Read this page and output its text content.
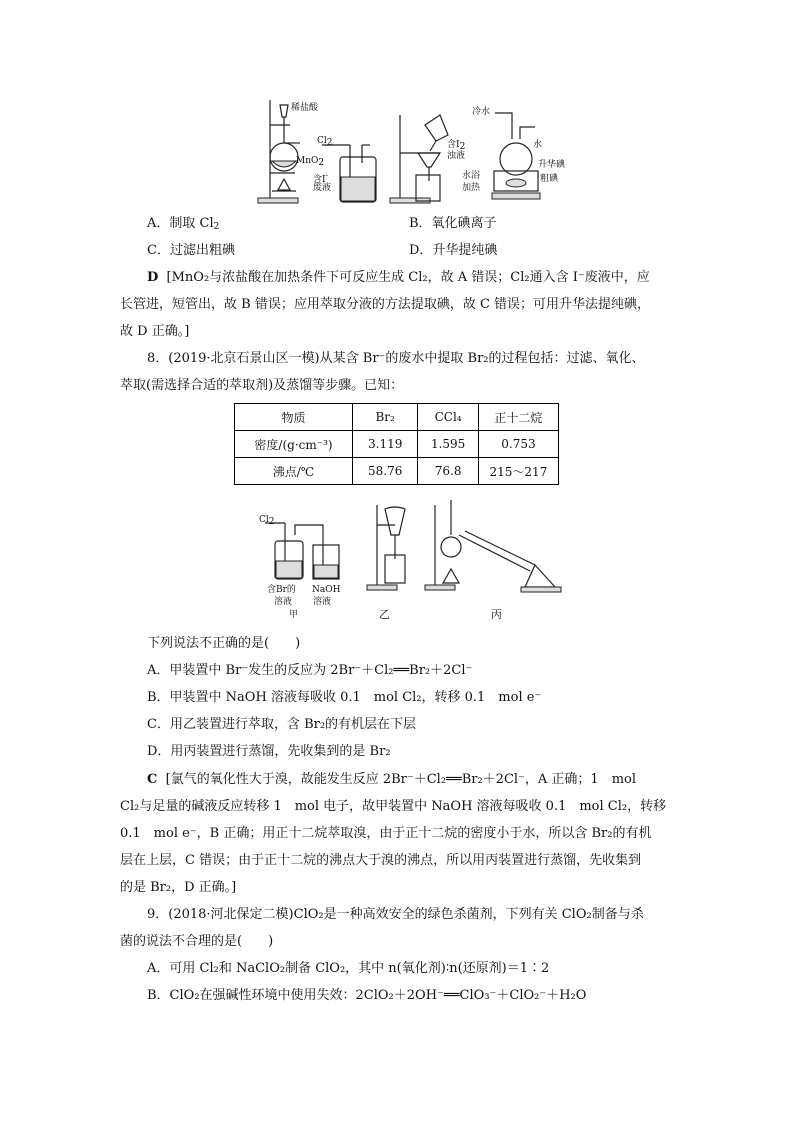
稀盐酸
$Cl_2$
MnO$_2$
含I-
废液
含$I_2$
浊液
冷水
水
升华碘
水浴
加热
粗碘
A．制取 $Cl_2$	B．氧化碘离子
C．过滤出粗碘	D．升华提纯碘
D [MnO₂与浓盐酸在加热条件下可反应生成 Cl₂，故 A 错误；Cl₂通入含 I⁻废液中，应
长管进，短管出，故 B 错误；应用萃取分液的方法提取碘，故 C 错误；可用升华法提纯碘，
故 D 正确。]
8．(2019·北京石景山区一模)从某含 Br⁻的废水中提取 Br₂的过程包括：过滤、氧化、
萃取(需选择合适的萃取剂)及蒸馏等步骤。已知：
物质	Br₂	CCl₄	正十二烷
密度/(g·cm⁻³)	3.119	1.595	0.753
沸点/℃	58.76	76.8	215～217
$Cl_2$
含Br的
溶液
NaOH
溶液
甲	乙	丙
下列说法不正确的是(　　)
A．甲装置中 Br⁻发生的反应为 2Br⁻＋Cl₂══Br₂＋2Cl⁻
B．甲装置中 NaOH 溶液每吸收 0.1　mol Cl₂，转移 0.1　mol e⁻
C．用乙装置进行萃取，含 Br₂的有机层在下层
D．用丙装置进行蒸馏，先收集到的是 Br₂
C [氯气的氧化性大于溴，故能发生反应 2Br⁻＋Cl₂══Br₂＋2Cl⁻，A 正确；1　mol
Cl₂与足量的碱液反应转移 1　mol 电子，故甲装置中 NaOH 溶液每吸收 0.1　mol Cl₂，转移
0.1　mol e⁻，B 正确；用正十二烷萃取溴，由于正十二烷的密度小于水，所以含 Br₂的有机
层在上层，C 错误；由于正十二烷的沸点大于溴的沸点，所以用丙装置进行蒸馏，先收集到
的是 Br₂，D 正确。]
9．(2018·河北保定二模)ClO₂是一种高效安全的绿色杀菌剂，下列有关 ClO₂制备与杀
菌的说法不合理的是(　　)
A．可用 Cl₂和 NaClO₂制备 ClO₂，其中 n(氧化剂)∶n(还原剂)＝1∶2
B．ClO₂在强碱性环境中使用失效：2ClO₂＋2OH⁻══ClO₃⁻＋ClO₂⁻＋H₂O
